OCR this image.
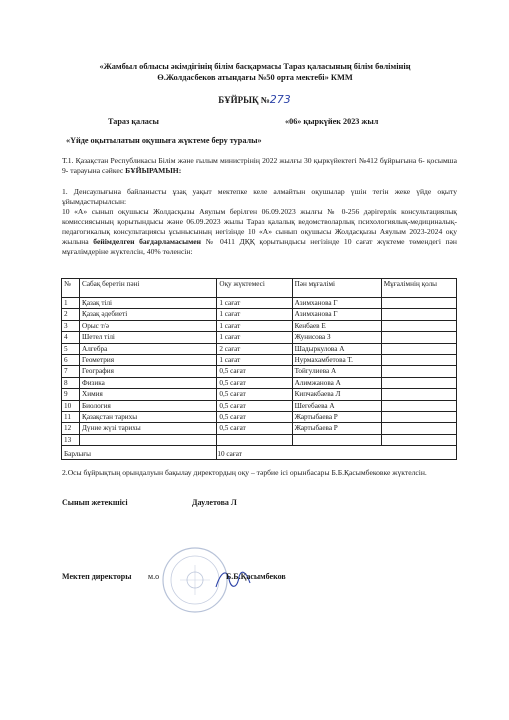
«Жамбыл облысы әкімдігінің білім басқармасы Тараз қаласының білім бөлімінің
Ө.Жолдасбеков атындағы №50 орта мектебі» КММ
БҰЙРЫҚ №273
Тараз қаласы	«06» қыркүйек 2023 жыл
«Үйде оқытылатын оқушыға жүктеме беру туралы»
Т.1. Қазақстан Республикасы Білім және ғылым министрінің 2022 жылғы 30 қыркүйектегі №412 бұйрығына 6- қосымша 9- тарауына сәйкес БҰЙЫРАМЫН:
1. Денсаулығына байланысты ұзақ уақыт мектепке келе алмайтын оқушылар үшін тегін жеке үйде оқыту ұйымдастырылсын:
10 «А» сынып оқушысы Жолдасқызы Аяулым берілген 06.09.2023 жылғы № 0-256 дәрігерлік консультациялық комиссиясының қорытындысы және 06.09.2023 жылы Тараз қалалық ведомстволарлық психологиялық-медициналық-педагогикалық консультациясы ұсынысының негізінде 10 «А» сынып оқушысы Жолдасқызы Аяулым 2023-2024 оқу жылына бейімделген бағдарламасымен № 0411 ДҚҚ қорытындысы негізінде 10 сағат жүктеме төмендегі пән мұғалімдеріне жүктелсін, 40% төленсін:
№	Сабақ беретін пәні	Оқу жүктемесі	Пән мұғалімі	Мұғалімнің қолы
1	Қазақ тілі	1 сағат	Азимханова Г	
2	Қазақ әдебиеті	1 сағат	Азимханова Г	
3	Орыс т/ә	1 сағат	Кенбаев Е	
4	Шетел тілі	1 сағат	Жунисова З	
5	Алгебра	2 сағат	Шадыркулова А	
6	Геометрия	1 сағат	Нурмахамбетова Т.	
7	География	0,5 сағат	Тойгулиева А	
8	Физика	0,5 сағат	Алимжанова А	
9	Химия	0,5 сағат	Кипчакбаева Л	
10	Биология	0,5 сағат	Шегебаева А	
11	Қазақстан тарихы	0,5 сағат	Жартыбаева Р	
12	Дүние жүзі тарихы	0,5 сағат	Жартыбаева Р	
13				
Барлығы		10 сағат		
2.Осы бұйрықтың орындалуын бақылау директордың оқу – тәрбие ісі орынбасары Б.Б.Қасымбековке жүктелсін.
Сынып жетекшісі	Даулетова Л
Мектеп директоры м.о	Б.Б.Қасымбеков
